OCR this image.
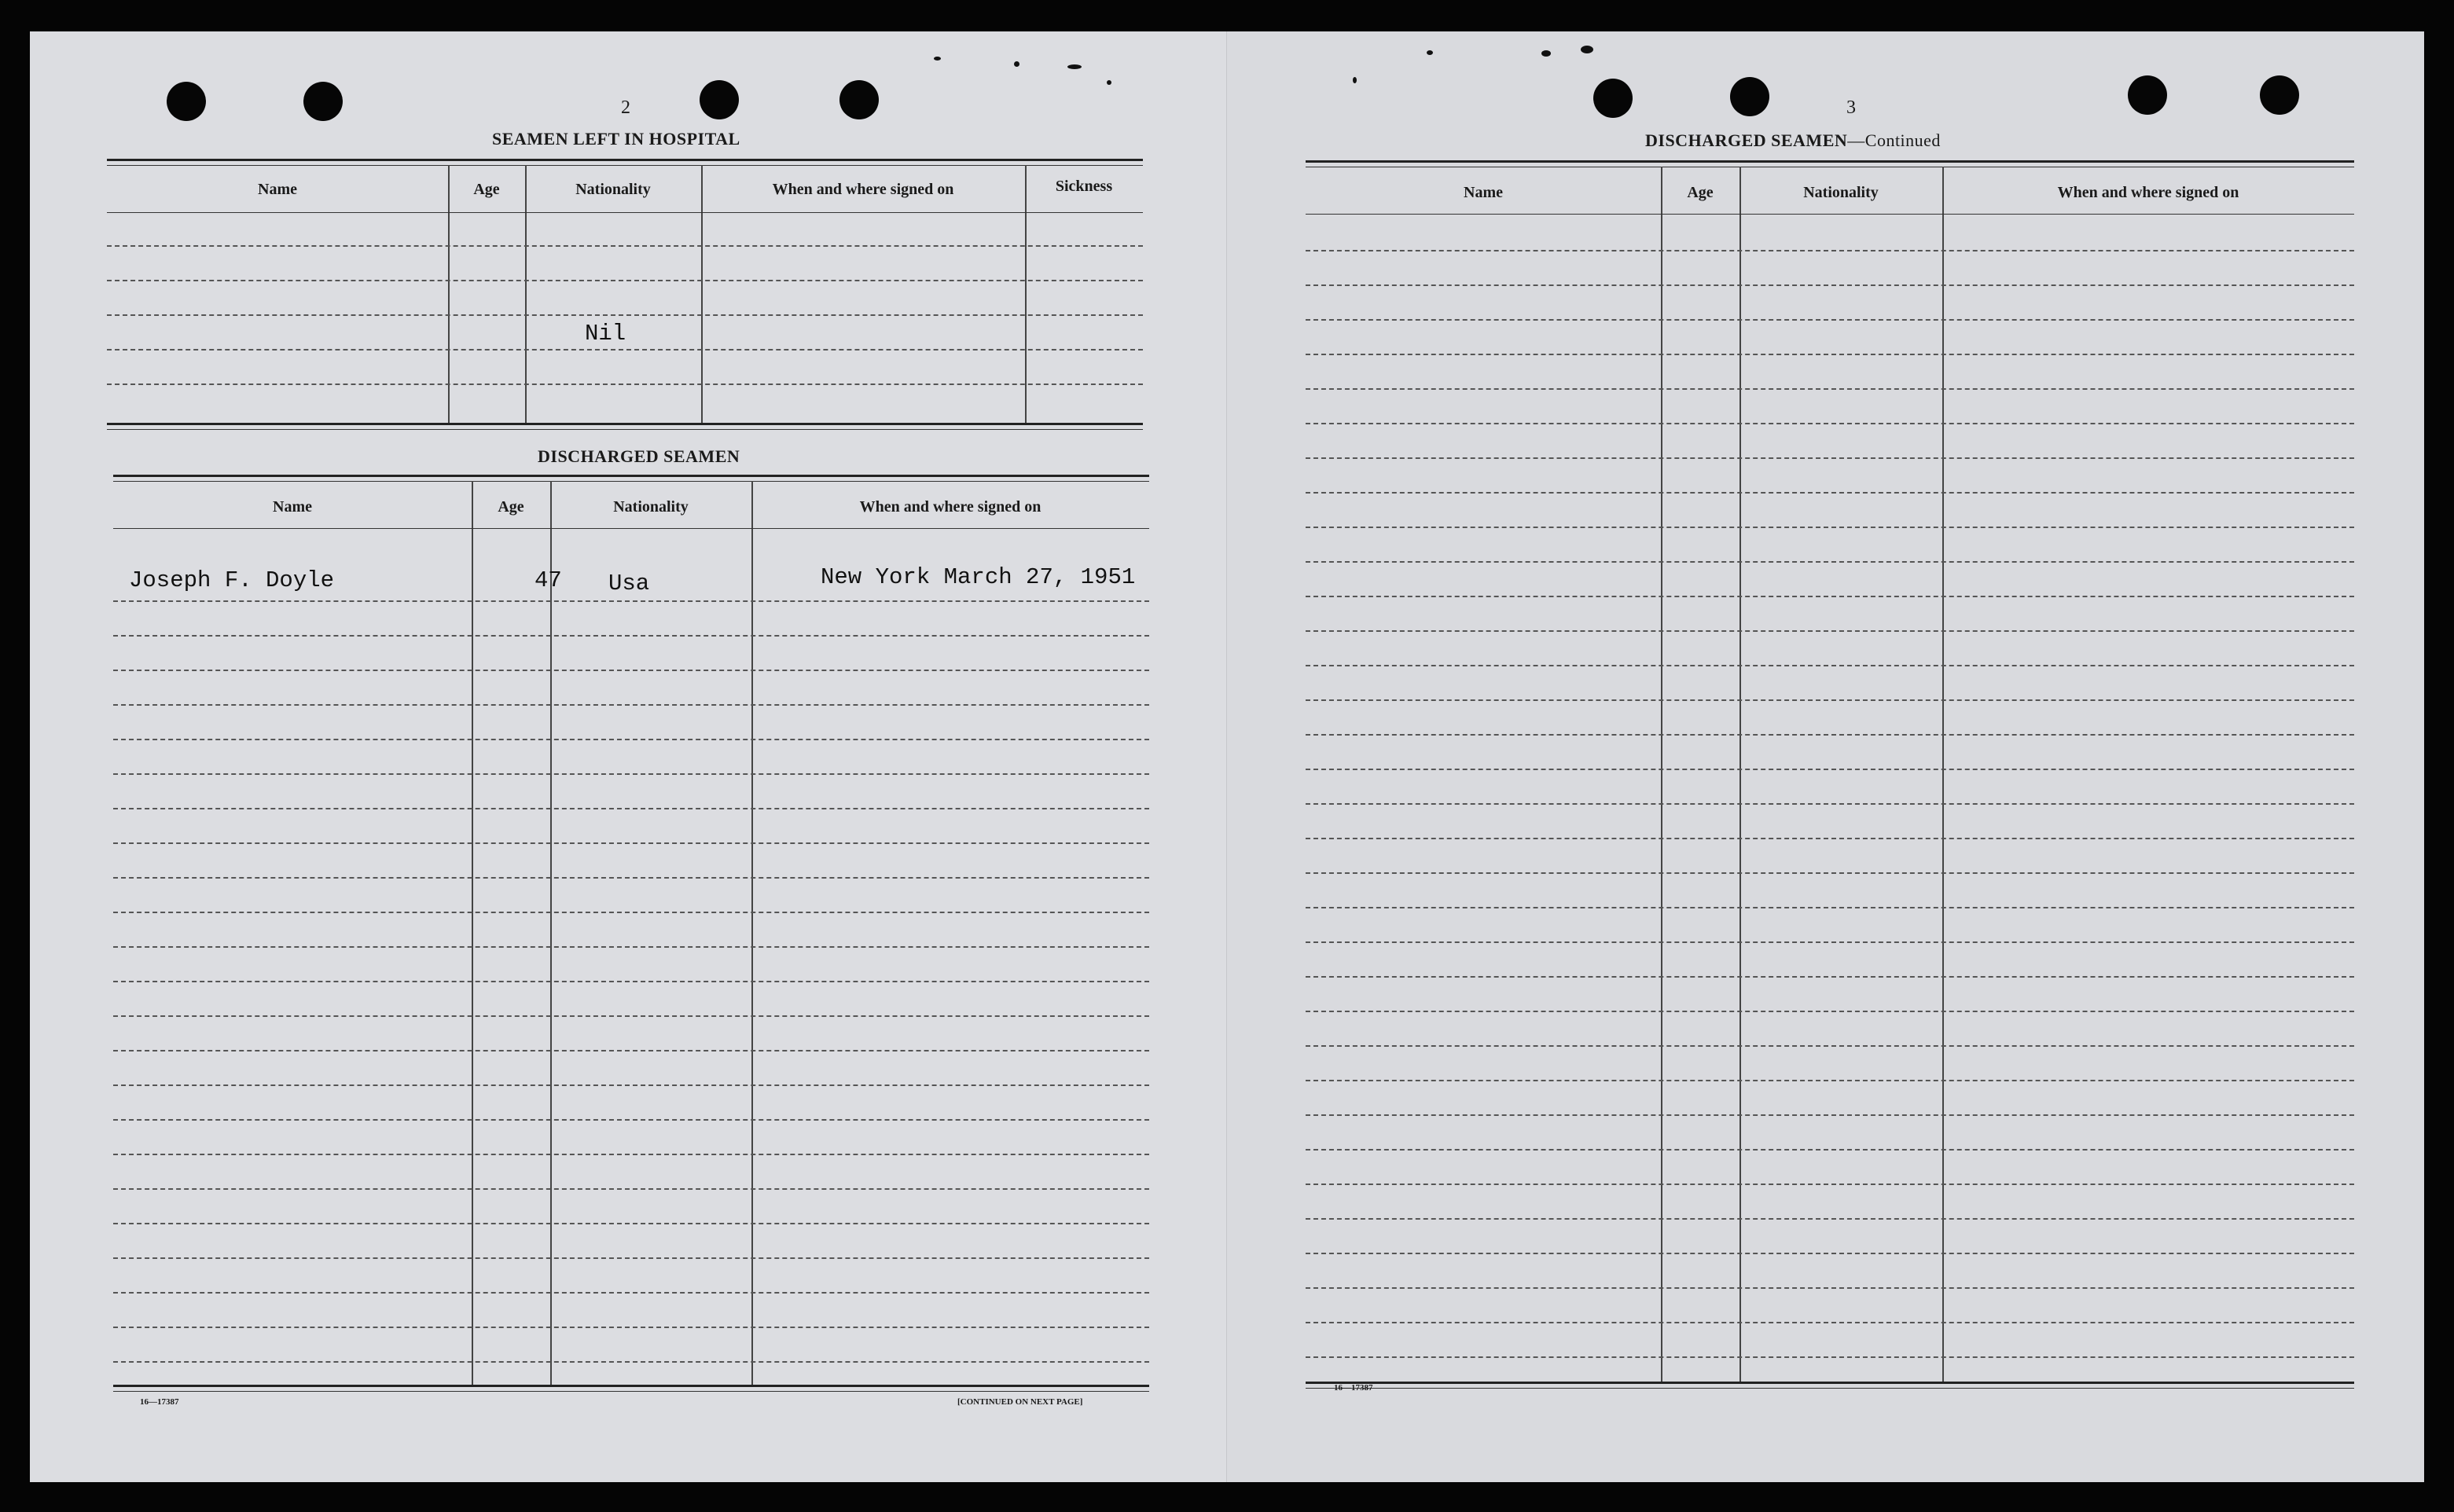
2
SEAMEN LEFT IN HOSPITAL
Name	Age	Nationality	When and where signed on	Sickness
Nil
DISCHARGED SEAMEN
Name	Age	Nationality	When and where signed on
Joseph F. Doyle	47 Usa	New York March 27, 1951
16—17387	[CONTINUED ON NEXT PAGE]
3
DISCHARGED SEAMEN—Continued
Name	Age	Nationality	When and where signed on
16—17387
